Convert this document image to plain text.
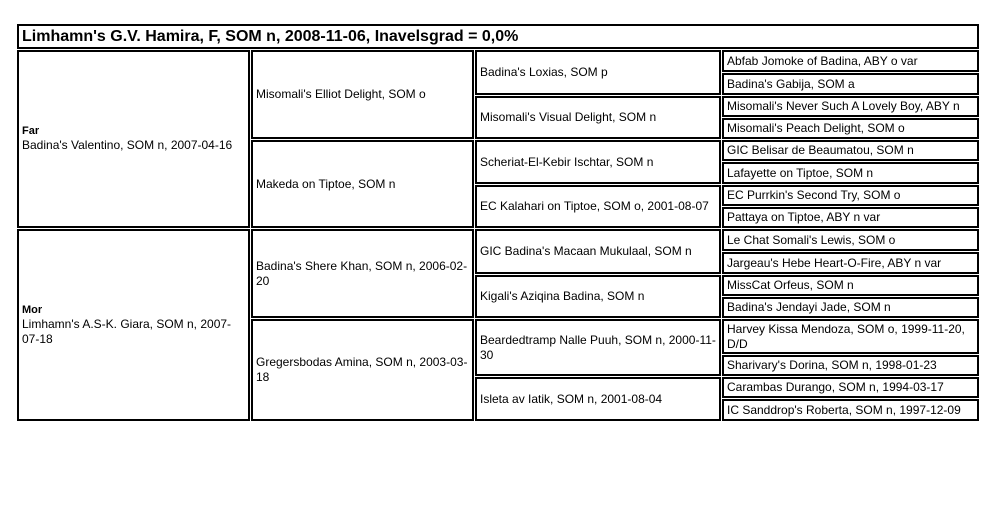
Limhamn's G.V. Hamira, F, SOM n, 2008-11-06, Inavelsgrad = 0,0%
Far
Badina's Valentino, SOM n, 2007-04-16
Mor
Limhamn's A.S-K. Giara, SOM n, 2007-07-18
Misomali's Elliot Delight, SOM o
Makeda on Tiptoe, SOM n
Badina's Shere Khan, SOM n, 2006-02-20
Gregersbodas Amina, SOM n, 2003-03-18
Badina's Loxias, SOM p
Misomali's Visual Delight, SOM n
Scheriat-El-Kebir Ischtar, SOM n
EC Kalahari on Tiptoe, SOM o, 2001-08-07
GIC Badina's Macaan Mukulaal, SOM n
Kigali's Aziqina Badina, SOM n
Beardedtramp Nalle Puuh, SOM n, 2000-11-30
Isleta av Iatik, SOM n, 2001-08-04
Abfab Jomoke of Badina, ABY o var
Badina's Gabija, SOM a
Misomali's Never Such A Lovely Boy, ABY n
Misomali's Peach Delight, SOM o
GIC Belisar de Beaumatou, SOM n
Lafayette on Tiptoe, SOM n
EC Purrkin's Second Try, SOM o
Pattaya on Tiptoe, ABY n var
Le Chat Somali's Lewis, SOM o
Jargeau's Hebe Heart-O-Fire, ABY n var
MissCat Orfeus, SOM n
Badina's Jendayi Jade, SOM n
Harvey Kissa Mendoza, SOM o, 1999-11-20, D/D
Sharivary's Dorina, SOM n, 1998-01-23
Carambas Durango, SOM n, 1994-03-17
IC Sanddrop's Roberta, SOM n, 1997-12-09
